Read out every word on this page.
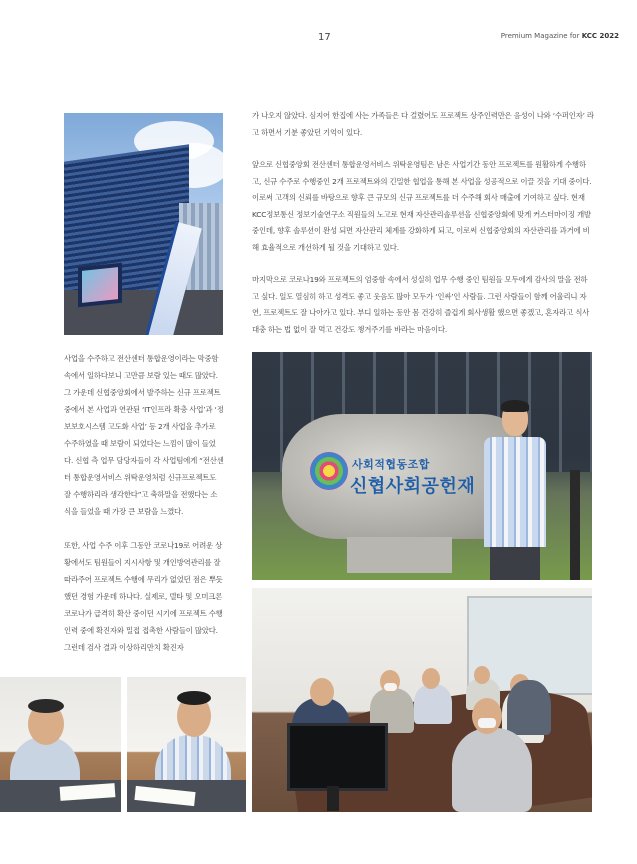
17	Premium Magazine for KCC 2022

가 나오지 않았다. 심지어 한집에 사는 가족들은 다 걸렸어도 프로젝트 상주인력만은 음성이 나와 ‘수퍼인자’ 라고 하면서 기분 좋았던 기억이 있다.

앞으로 신협중앙회 전산센터 통합운영서비스 위탁운영팀은 남은 사업기간 동안 프로젝트를 원활하게 수행하고, 신규 수주로 수행중인 2개 프로젝트와의 긴밀한 협업을 통해 본 사업을 성공적으로 이끌 것을 기대 중이다. 이로써 고객의 신뢰를 바탕으로 향후 큰 규모의 신규 프로젝트를 더 수주해 회사 매출에 기여하고 싶다. 현재 KCC정보통신 정보기술연구소 직원들의 노고로 현재 자산관리솔루션을 신협중앙회에 맞게 커스터마이징 개발 중인데, 향후 솔루션이 완성 되면 자산관리 체계를 강화하게 되고, 이로써 신협중앙회의 자산관리를 과거에 비해 효율적으로 개선하게 될 것을 기대하고 있다.

마지막으로 코로나19와 프로젝트의 엄중함 속에서 성실히 업무 수행 중인 팀원들 모두에게 감사의 말을 전하고 싶다. 일도 열심히 하고 성격도 좋고 웃음도 많아 모두가 ‘인싸’인 사람들. 그런 사람들이 함께 어울리니 자연, 프로젝트도 잘 나아가고 있다. 부디 일하는 동안 몸 건강히 즐겁게 회사생활 했으면 좋겠고, 혼자라고 식사 대충 하는 법 없이 잘 먹고 건강도 챙겨주기를 바라는 마음이다.

사업을 수주하고 전산센터 통합운영이라는 막중함 속에서 일하다보니 고만큼 보람 있는 때도 많았다. 그 가운데 신협중앙회에서 발주하는 신규 프로젝트 중에서 본 사업과 연관된 ‘IT인프라 확충 사업’과 ‘정보보호시스템 고도화 사업’ 등 2개 사업을 추가로 수주하였을 때 보람이 되었다는 느낌이 많이 들었다. 신협 측 업무 담당자들이 각 사업팀에게 “전산센터 통합운영서비스 위탁운영처럼 신규프로젝트도 잘 수행하리라 생각한다”고 축하말을 전했다는 소식을 들었을 때 가장 큰 보람을 느꼈다.

또한, 사업 수주 이후 그동안 코로나19로 어려운 상황에서도 팀원들이 지시사항 및 개인방역관리를 잘 따라주어 프로젝트 수행에 무리가 없었던 점은 뿌듯했던 경험 가운데 하나다. 실제로, 델타 및 오미크론 코로나가 급격히 확산 중이던 시기에 프로젝트 수행인력 중에 확진자와 밀접 접촉한 사람들이 많았다. 그런데 검사 결과 이상하리만치 확진자

사회적협동조합
신협사회공헌재
